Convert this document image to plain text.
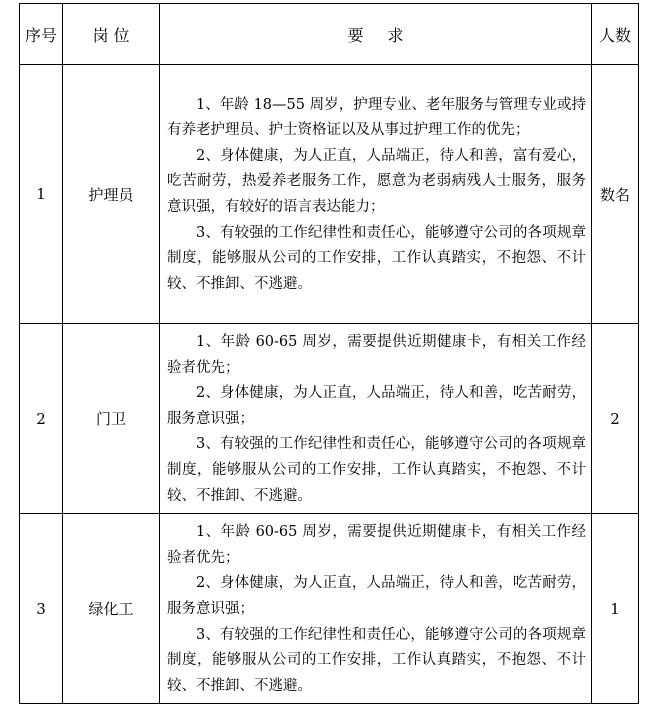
序号	岗 位	要求	人数
1	护理员	1、年龄 18—55 周岁，护理专业、老年服务与管理专业或持有养老护理员、护士资格证以及从事过护理工作的优先；

2、身体健康，为人正直，人品端正，待人和善，富有爱心，吃苦耐劳，热爱养老服务工作，愿意为老弱病残人士服务，服务意识强，有较好的语言表达能力；

3、有较强的工作纪律性和责任心，能够遵守公司的各项规章制度，能够服从公司的工作安排，工作认真踏实，不抱怨、不计较、不推卸、不逃避。	数名
2	门卫	1、年龄 60-65 周岁，需要提供近期健康卡，有相关工作经验者优先；

2、身体健康，为人正直，人品端正，待人和善，吃苦耐劳，服务意识强；

3、有较强的工作纪律性和责任心，能够遵守公司的各项规章制度，能够服从公司的工作安排，工作认真踏实，不抱怨、不计较、不推卸、不逃避。	2
3	绿化工	1、年龄 60-65 周岁，需要提供近期健康卡，有相关工作经验者优先；

2、身体健康，为人正直，人品端正，待人和善，吃苦耐劳，服务意识强；

3、有较强的工作纪律性和责任心，能够遵守公司的各项规章制度，能够服从公司的工作安排，工作认真踏实，不抱怨、不计较、不推卸、不逃避。	1
